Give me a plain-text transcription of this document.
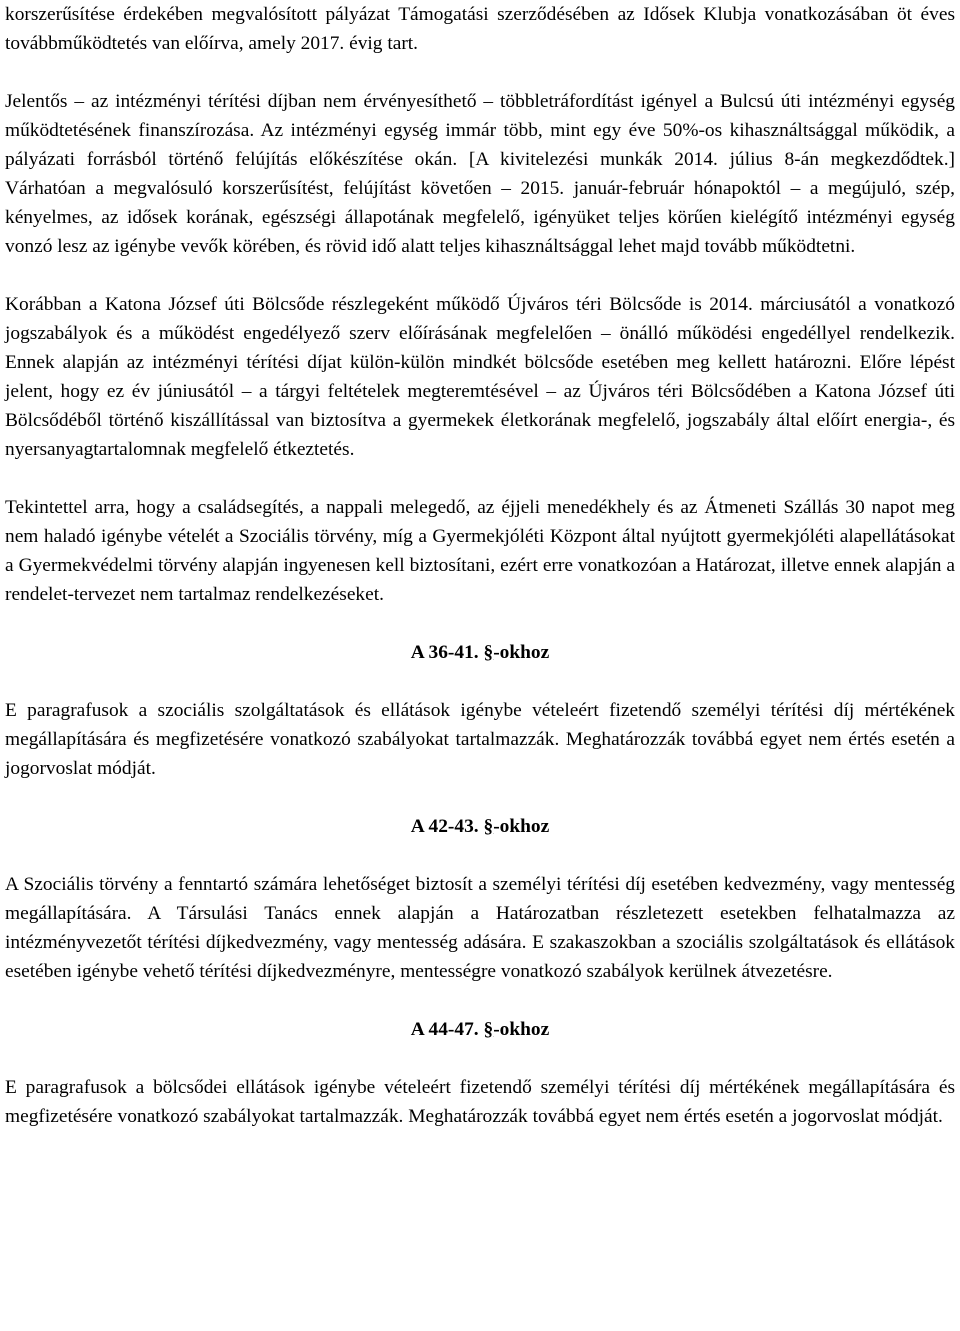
korszerűsítése érdekében megvalósított pályázat Támogatási szerződésében az Idősek Klubja vonatkozásában öt éves továbbműködtetés van előírva, amely 2017. évig tart.

Jelentős – az intézményi térítési díjban nem érvényesíthető – többletráfordítást igényel a Bulcsú úti intézményi egység működtetésének finanszírozása. Az intézményi egység immár több, mint egy éve 50%-os kihasználtsággal működik, a pályázati forrásból történő felújítás előkészítése okán. [A kivitelezési munkák 2014. július 8-án megkezdődtek.] Várhatóan a megvalósuló korszerűsítést, felújítást követően – 2015. január-február hónapoktól – a megújuló, szép, kényelmes, az idősek korának, egészségi állapotának megfelelő, igényüket teljes körűen kielégítő intézményi egység vonzó lesz az igénybe vevők körében, és rövid idő alatt teljes kihasználtsággal lehet majd tovább működtetni.

Korábban a Katona József úti Bölcsőde részlegeként működő Újváros téri Bölcsőde is 2014. márciusától a vonatkozó jogszabályok és a működést engedélyező szerv előírásának megfelelően – önálló működési engedéllyel rendelkezik. Ennek alapján az intézményi térítési díjat külön-külön mindkét bölcsőde esetében meg kellett határozni. Előre lépést jelent, hogy ez év júniusától – a tárgyi feltételek megteremtésével – az Újváros téri Bölcsődében a Katona József úti Bölcsődéből történő kiszállítással van biztosítva a gyermekek életkorának megfelelő, jogszabály által előírt energia-, és nyersanyagtartalomnak megfelelő étkeztetés.

Tekintettel arra, hogy a családsegítés, a nappali melegedő, az éjjeli menedékhely és az Átmeneti Szállás 30 napot meg nem haladó igénybe vételét a Szociális törvény, míg a Gyermekjóléti Központ által nyújtott gyermekjóléti alapellátásokat a Gyermekvédelmi törvény alapján ingyenesen kell biztosítani, ezért erre vonatkozóan a Határozat, illetve ennek alapján a rendelet-tervezet nem tartalmaz rendelkezéseket.

A 36-41. §-okhoz

E paragrafusok a szociális szolgáltatások és ellátások igénybe vételeért fizetendő személyi térítési díj mértékének megállapítására és megfizetésére vonatkozó szabályokat tartalmazzák. Meghatározzák továbbá egyet nem értés esetén a jogorvoslat módját.

A 42-43. §-okhoz

A Szociális törvény a fenntartó számára lehetőséget biztosít a személyi térítési díj esetében kedvezmény, vagy mentesség megállapítására. A Társulási Tanács ennek alapján a Határozatban részletezett esetekben felhatalmazza az intézményvezetőt térítési díjkedvezmény, vagy mentesség adására. E szakaszokban a szociális szolgáltatások és ellátások esetében igénybe vehető térítési díjkedvezményre, mentességre vonatkozó szabályok kerülnek átvezetésre.

A 44-47. §-okhoz

E paragrafusok a bölcsődei ellátások igénybe vételeért fizetendő személyi térítési díj mértékének megállapítására és megfizetésére vonatkozó szabályokat tartalmazzák. Meghatározzák továbbá egyet nem értés esetén a jogorvoslat módját.
